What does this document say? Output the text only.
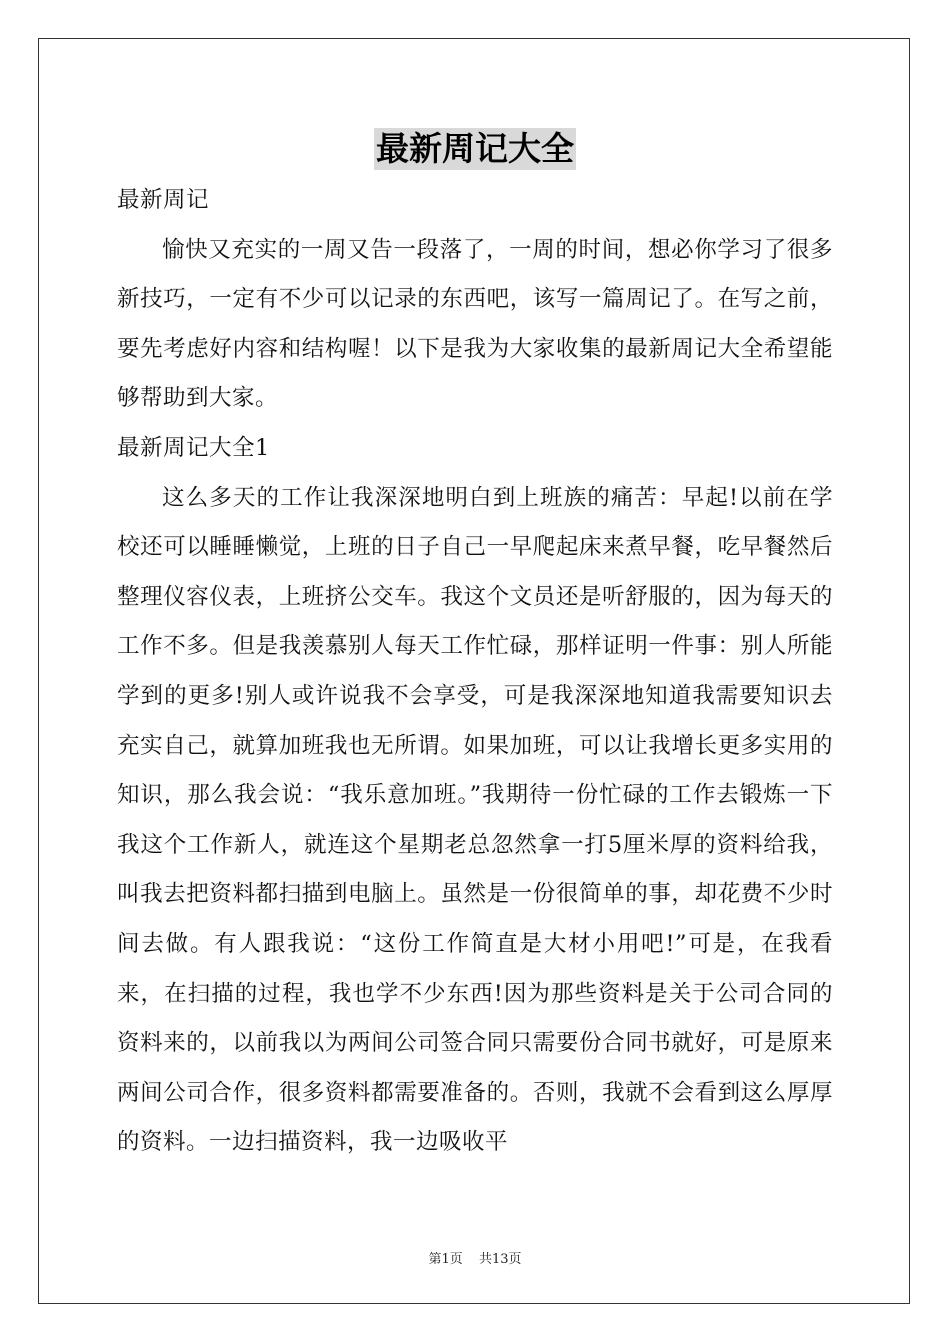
最新周记大全

最新周记

愉快又充实的一周又告一段落了，一周的时间，想必你学习了很多新技巧，一定有不少可以记录的东西吧，该写一篇周记了。在写之前，要先考虑好内容和结构喔！以下是我为大家收集的最新周记大全希望能够帮助到大家。

最新周记大全1

这么多天的工作让我深深地明白到上班族的痛苦：早起!以前在学校还可以睡睡懒觉，上班的日子自己一早爬起床来煮早餐，吃早餐然后整理仪容仪表，上班挤公交车。我这个文员还是听舒服的，因为每天的工作不多。但是我羡慕别人每天工作忙碌，那样证明一件事：别人所能学到的更多!别人或许说我不会享受，可是我深深地知道我需要知识去充实自己，就算加班我也无所谓。如果加班，可以让我增长更多实用的知识，那么我会说：“我乐意加班。”我期待一份忙碌的工作去锻炼一下我这个工作新人，就连这个星期老总忽然拿一打5厘米厚的资料给我，叫我去把资料都扫描到电脑上。虽然是一份很简单的事，却花费不少时间去做。有人跟我说：“这份工作简直是大材小用吧!”可是，在我看来，在扫描的过程，我也学不少东西!因为那些资料是关于公司合同的资料来的，以前我以为两间公司签合同只需要份合同书就好，可是原来两间公司合作，很多资料都需要准备的。否则，我就不会看到这么厚厚的资料。一边扫描资料，我一边吸收平

第1页 共13页
